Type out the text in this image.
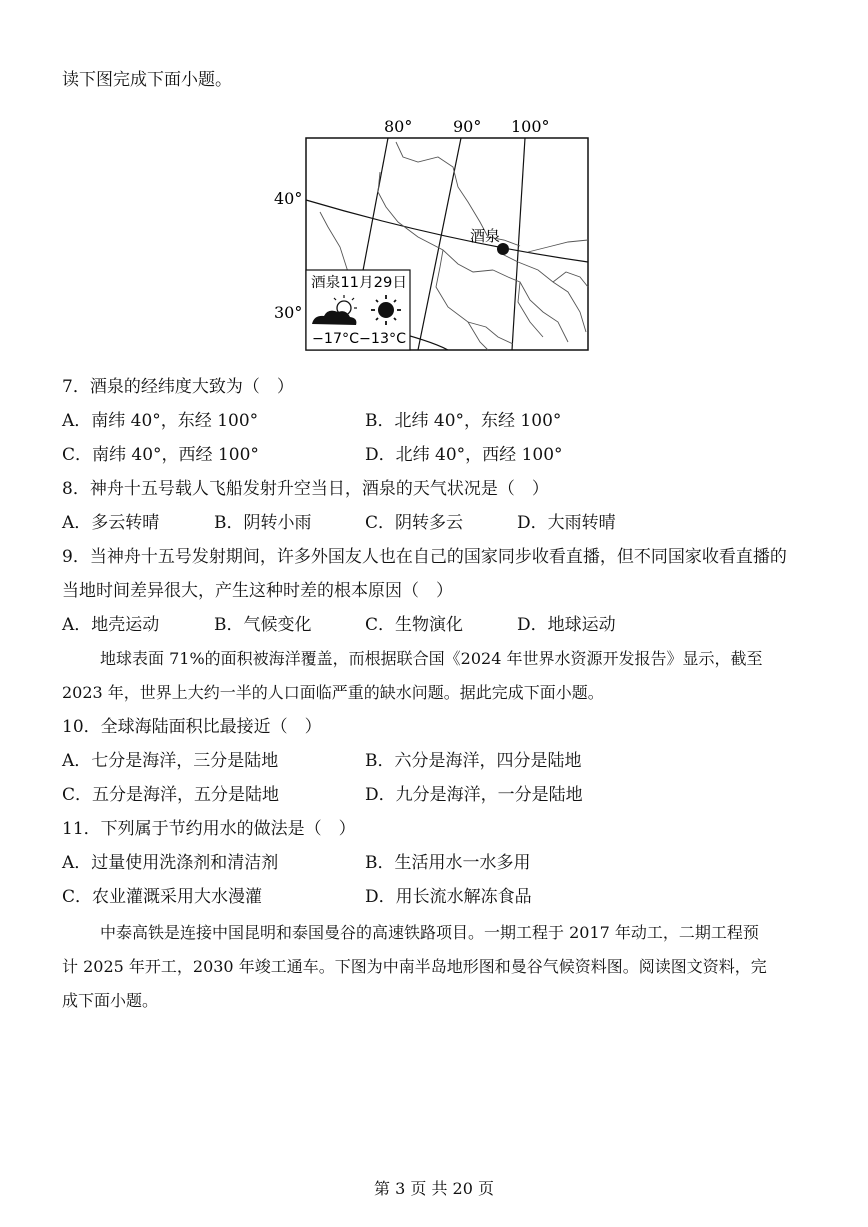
读下图完成下面小题。
80°	90° 100°
40°
30°
酒泉
酒泉11月29日
−17°C−13°C
7．酒泉的经纬度大致为（　）
A．南纬 40°，东经 100°	B．北纬 40°，东经 100°
C．南纬 40°，西经 100°	D．北纬 40°，西经 100°
8．神舟十五号载人飞船发射升空当日，酒泉的天气状况是（　）
A．多云转晴	B．阴转小雨	C．阴转多云	D．大雨转晴
9．当神舟十五号发射期间，许多外国友人也在自己的国家同步收看直播，但不同国家收看直播的
当地时间差异很大，产生这种时差的根本原因（　）
A．地壳运动	B．气候变化	C．生物演化	D．地球运动
地球表面 71%的面积被海洋覆盖，而根据联合国《2024 年世界水资源开发报告》显示，截至
2023 年，世界上大约一半的人口面临严重的缺水问题。据此完成下面小题。
10．全球海陆面积比最接近（　）
A．七分是海洋，三分是陆地	B．六分是海洋，四分是陆地
C．五分是海洋，五分是陆地	D．九分是海洋，一分是陆地
11．下列属于节约用水的做法是（　）
A．过量使用洗涤剂和清洁剂	B．生活用水一水多用
C．农业灌溉采用大水漫灌	D．用长流水解冻食品
中泰高铁是连接中国昆明和泰国曼谷的高速铁路项目。一期工程于 2017 年动工，二期工程预
计 2025 年开工，2030 年竣工通车。下图为中南半岛地形图和曼谷气候资料图。阅读图文资料，完
成下面小题。
第 3 页 共 20 页
